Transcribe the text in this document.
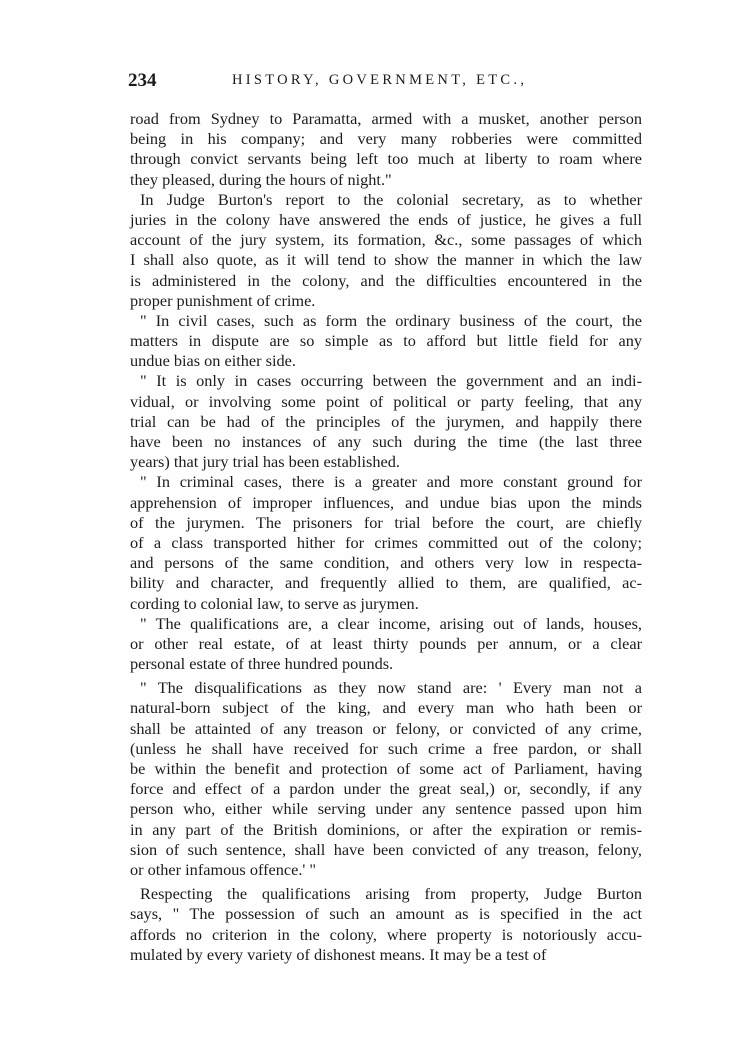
234	HISTORY, GOVERNMENT, ETC.,
road from Sydney to Paramatta, armed with a musket, another person
being in his company; and very many robberies were committed
through convict servants being left too much at liberty to roam where
they pleased, during the hours of night."
In Judge Burton's report to the colonial secretary, as to whether
juries in the colony have answered the ends of justice, he gives a full
account of the jury system, its formation, &c., some passages of which
I shall also quote, as it will tend to show the manner in which the law
is administered in the colony, and the difficulties encountered in the
proper punishment of crime.
" In civil cases, such as form the ordinary business of the court, the
matters in dispute are so simple as to afford but little field for any
undue bias on either side.
" It is only in cases occurring between the government and an indi-
vidual, or involving some point of political or party feeling, that any
trial can be had of the principles of the jurymen, and happily there
have been no instances of any such during the time (the last three
years) that jury trial has been established.
" In criminal cases, there is a greater and more constant ground for
apprehension of improper influences, and undue bias upon the minds
of the jurymen. The prisoners for trial before the court, are chiefly
of a class transported hither for crimes committed out of the colony;
and persons of the same condition, and others very low in respecta-
bility and character, and frequently allied to them, are qualified, ac-
cording to colonial law, to serve as jurymen.
" The qualifications are, a clear income, arising out of lands, houses,
or other real estate, of at least thirty pounds per annum, or a clear
personal estate of three hundred pounds.
" The disqualifications as they now stand are: ' Every man not a
natural-born subject of the king, and every man who hath been or
shall be attainted of any treason or felony, or convicted of any crime,
(unless he shall have received for such crime a free pardon, or shall
be within the benefit and protection of some act of Parliament, having
force and effect of a pardon under the great seal,) or, secondly, if any
person who, either while serving under any sentence passed upon him
in any part of the British dominions, or after the expiration or remis-
sion of such sentence, shall have been convicted of any treason, felony,
or other infamous offence.' "
Respecting the qualifications arising from property, Judge Burton
says, " The possession of such an amount as is specified in the act
affords no criterion in the colony, where property is notoriously accu-
mulated by every variety of dishonest means. It may be a test of
